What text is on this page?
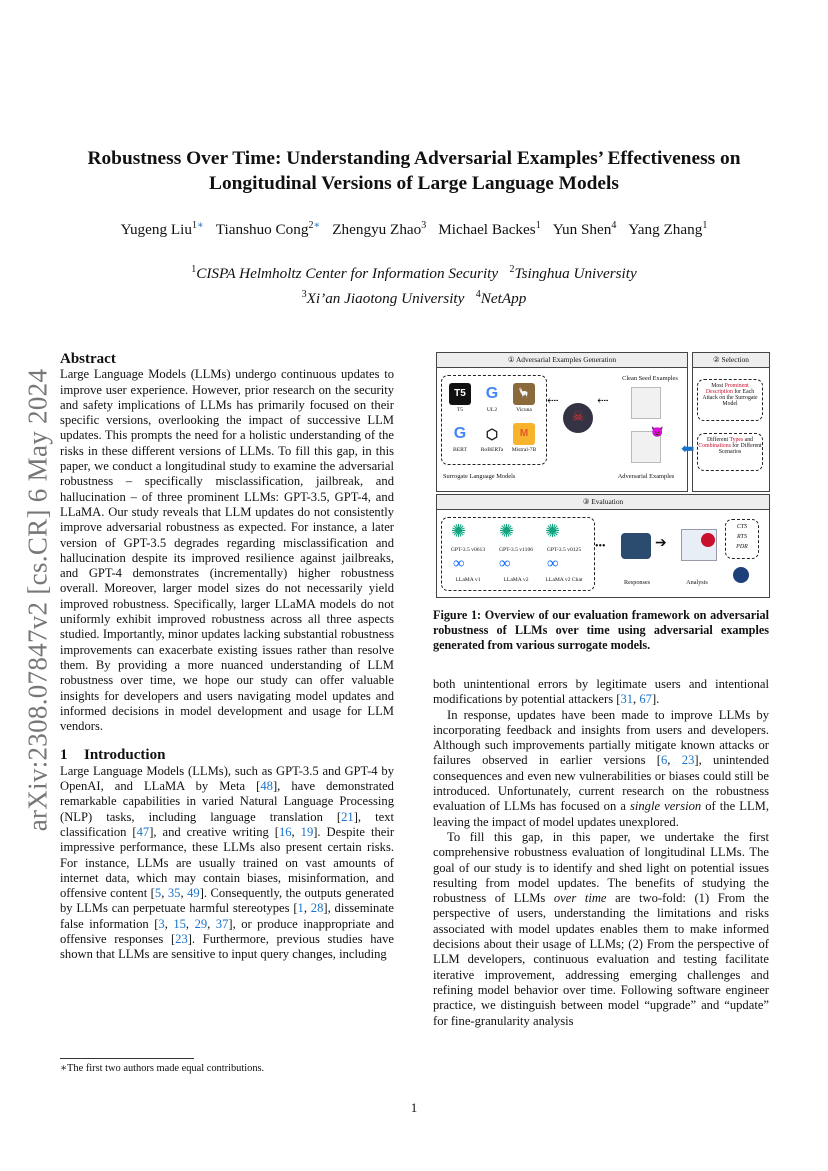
arXiv:2308.07847v2 [cs.CR] 6 May 2024
Robustness Over Time: Understanding Adversarial Examples’ Effectiveness on
Longitudinal Versions of Large Language Models
Yugeng Liu$^{1∗}$ Tianshuo Cong$^{2∗}$ Zhengyu Zhao$^3$ Michael Backes$^1$ Yun Shen$^4$ Yang Zhang$^1$
$^1$CISPA Helmholtz Center for Information Security $^2$Tsinghua University
$^3$Xi’an Jiaotong University $^4$NetApp
Abstract

Large Language Models (LLMs) undergo continuous updates to improve user experience. However, prior research on the security and safety implications of LLMs has primarily focused on their specific versions, overlooking the impact of successive LLM updates. This prompts the need for a holistic understanding of the risks in these different versions of LLMs. To fill this gap, in this paper, we conduct a longitudinal study to examine the adversarial robustness – specifically misclassification, jailbreak, and hallucination – of three prominent LLMs: GPT-3.5, GPT-4, and LLaMA. Our study reveals that LLM updates do not consistently improve adversarial robustness as expected. For instance, a later version of GPT-3.5 degrades regarding misclassification and hallucination despite its improved resilience against jailbreaks, and GPT-4 demonstrates (incrementally) higher robustness overall. Moreover, larger model sizes do not necessarily yield improved robustness. Specifically, larger LLaMA models do not uniformly exhibit improved robustness across all three aspects studied. Importantly, minor updates lacking substantial robustness improvements can exacerbate existing issues rather than resolve them. By providing a more nuanced understanding of LLM robustness over time, we hope our study can offer valuable insights for developers and users navigating model updates and informed decisions in model development and usage for LLM vendors.

1 Introduction

Large Language Models (LLMs), such as GPT-3.5 and GPT-4 by OpenAI, and LLaMA by Meta [48], have demonstrated remarkable capabilities in varied Natural Language Processing (NLP) tasks, including language translation [21], text classification [47], and creative writing [16, 19]. Despite their impressive performance, these LLMs also present certain risks. For instance, LLMs are usually trained on vast amounts of internet data, which may contain biases, misinformation, and offensive content [5, 35, 49]. Consequently, the outputs generated by LLMs can perpetuate harmful stereotypes [1, 28], disseminate false information [3, 15, 29, 37], or produce inappropriate and offensive responses [23]. Furthermore, previous studies have shown that LLMs are sensitive to input query changes, including

① Adversarial Examples Generation
T5	G	🦙
T5	UL2	Vicuna
G	⬡	M
BERT	RoBERTa	Mistral-7B
Surrogate Language Models
☠
⇠	⇠
Clean Seed Examples
😈
Adversarial Examples
② Selection
Most Prominent Description for Each Attack on the Surrogate Model
Different Types and Combinations for Different Scenarios
⬅
③ Evaluation
✺ ✺ ✺
GPT-3.5 v0613	GPT-3.5 v1106	GPT-3.5 v0125
∞ ∞ ∞
LLaMA v1	LLaMA v2	LLaMA v2 Chat
•••
Responses
➔
Analysis
CTS
RTS
PDR
Figure 1: Overview of our evaluation framework on adversarial robustness of LLMs over time using adversarial examples generated from various surrogate models.

both unintentional errors by legitimate users and intentional modifications by potential attackers [31, 67].

In response, updates have been made to improve LLMs by incorporating feedback and insights from users and developers. Although such improvements partially mitigate known attacks or failures observed in earlier versions [6, 23], unintended consequences and even new vulnerabilities or biases could still be introduced. Unfortunately, current research on the robustness evaluation of LLMs has focused on a single version of the LLM, leaving the impact of model updates unexplored.

To fill this gap, in this paper, we undertake the first comprehensive robustness evaluation of longitudinal LLMs. The goal of our study is to identify and shed light on potential issues resulting from model updates. The benefits of studying the robustness of LLMs over time are two-fold: (1) From the perspective of users, understanding the limitations and risks associated with model updates enables them to make informed decisions about their usage of LLMs; (2) From the perspective of LLM developers, continuous evaluation and testing facilitate iterative improvement, addressing emerging challenges and refining model behavior over time. Following software engineer practice, we distinguish between model “upgrade” and “update” for fine-granularity analysis

∗The first two authors made equal contributions.
1
